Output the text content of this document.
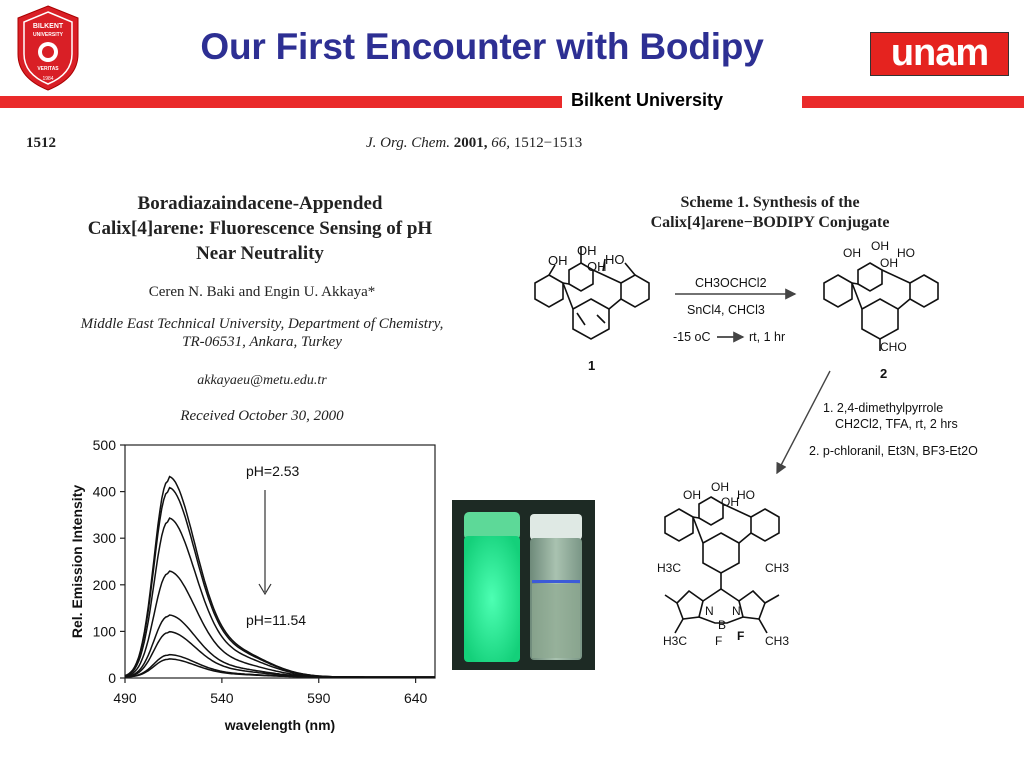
BILKENT
UNIVERSITY
VERITAS
1984
Our First Encounter with Bodipy	unam
Bilkent University
1512	J. Org. Chem. 2001, 66, 1512−1513
Boradiazaindacene-Appended
Calix[4]arene: Fluorescence Sensing of pH
Near Neutrality
Ceren N. Baki and Engin U. Akkaya*
Middle East Technical University, Department of Chemistry,
TR-06531, Ankara, Turkey
akkayaeu@metu.edu.tr
Received October 30, 2000
Scheme 1. Synthesis of the
Calix[4]arene−BODIPY Conjugate
OH
OH
HO
OH
1
CH3OCHCl2
SnCl4, CHCl3
-15 oC	rt, 1 hr
OH OH HO
OH
CHO
2
1. 2,4-dimethylpyrrole
CH2Cl2, TFA, rt, 2 hrs
2. p-chloranil, Et3N, BF3-Et2O
OH
OH
HO
OH
H3C	CH3
H3C	CH3
N N
B
F F
0
100
200
300
400
500
490	540	590	640
wavelength (nm)
Rel. Emission Intensity
pH=2.53
pH=11.54
